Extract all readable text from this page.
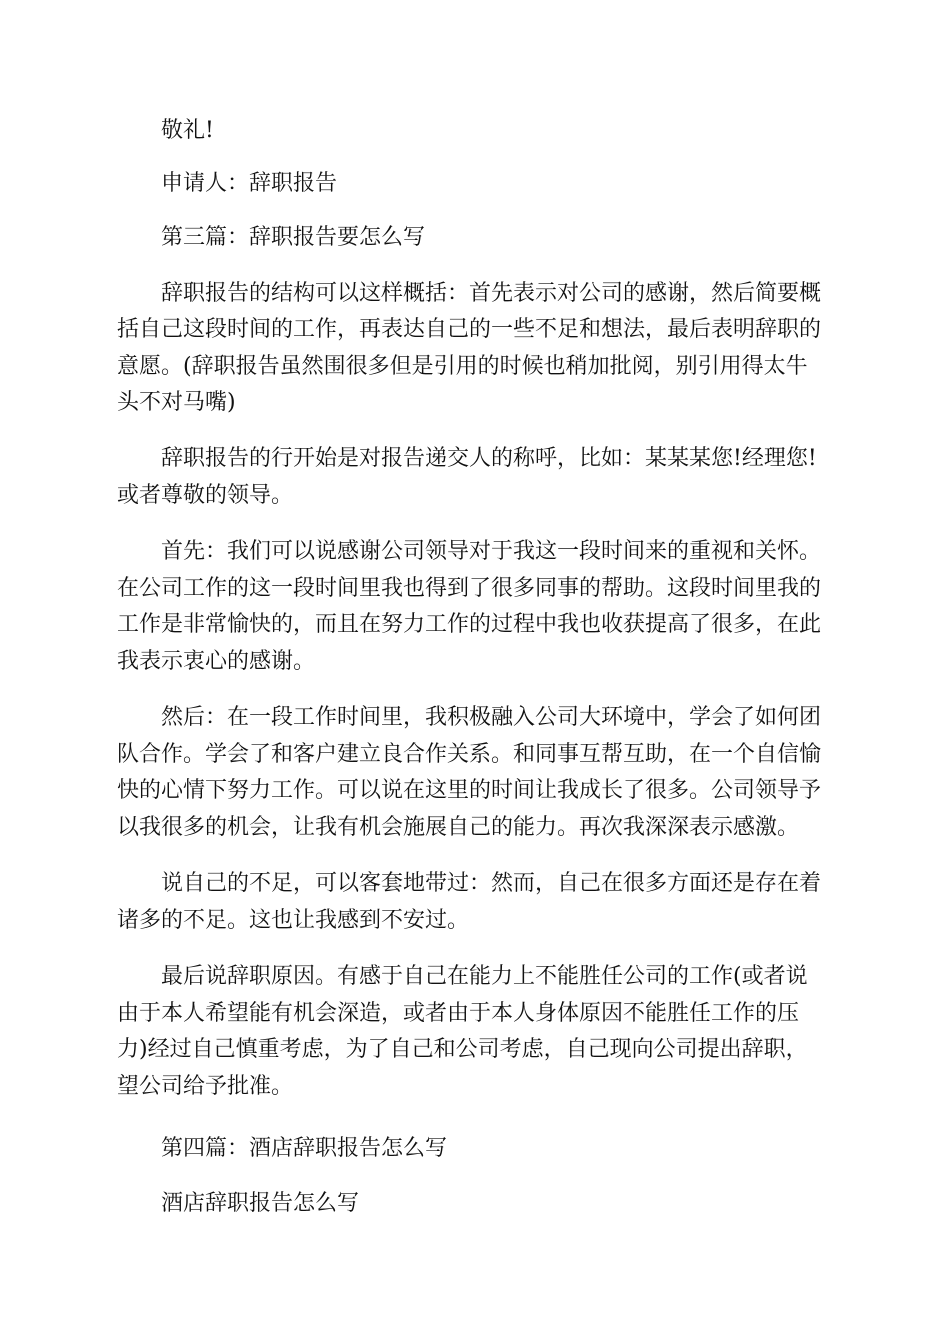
敬礼!

申请人：辞职报告

第三篇：辞职报告要怎么写

辞职报告的结构可以这样概括：首先表示对公司的感谢，然后简要概

括自己这段时间的工作，再表达自己的一些不足和想法，最后表明辞职的

意愿。(辞职报告虽然围很多但是引用的时候也稍加批阅，别引用得太牛

头不对马嘴)

辞职报告的行开始是对报告递交人的称呼，比如：某某某您!经理您!

或者尊敬的领导。

首先：我们可以说感谢公司领导对于我这一段时间来的重视和关怀。

在公司工作的这一段时间里我也得到了很多同事的帮助。这段时间里我的

工作是非常愉快的，而且在努力工作的过程中我也收获提高了很多，在此

我表示衷心的感谢。

然后：在一段工作时间里，我积极融入公司大环境中，学会了如何团

队合作。学会了和客户建立良合作关系。和同事互帮互助，在一个自信愉

快的心情下努力工作。可以说在这里的时间让我成长了很多。公司领导予

以我很多的机会，让我有机会施展自己的能力。再次我深深表示感激。

说自己的不足，可以客套地带过：然而，自己在很多方面还是存在着

诸多的不足。这也让我感到不安过。

最后说辞职原因。有感于自己在能力上不能胜任公司的工作(或者说

由于本人希望能有机会深造，或者由于本人身体原因不能胜任工作的压

力)经过自己慎重考虑，为了自己和公司考虑，自己现向公司提出辞职，

望公司给予批准。

第四篇：酒店辞职报告怎么写

酒店辞职报告怎么写
